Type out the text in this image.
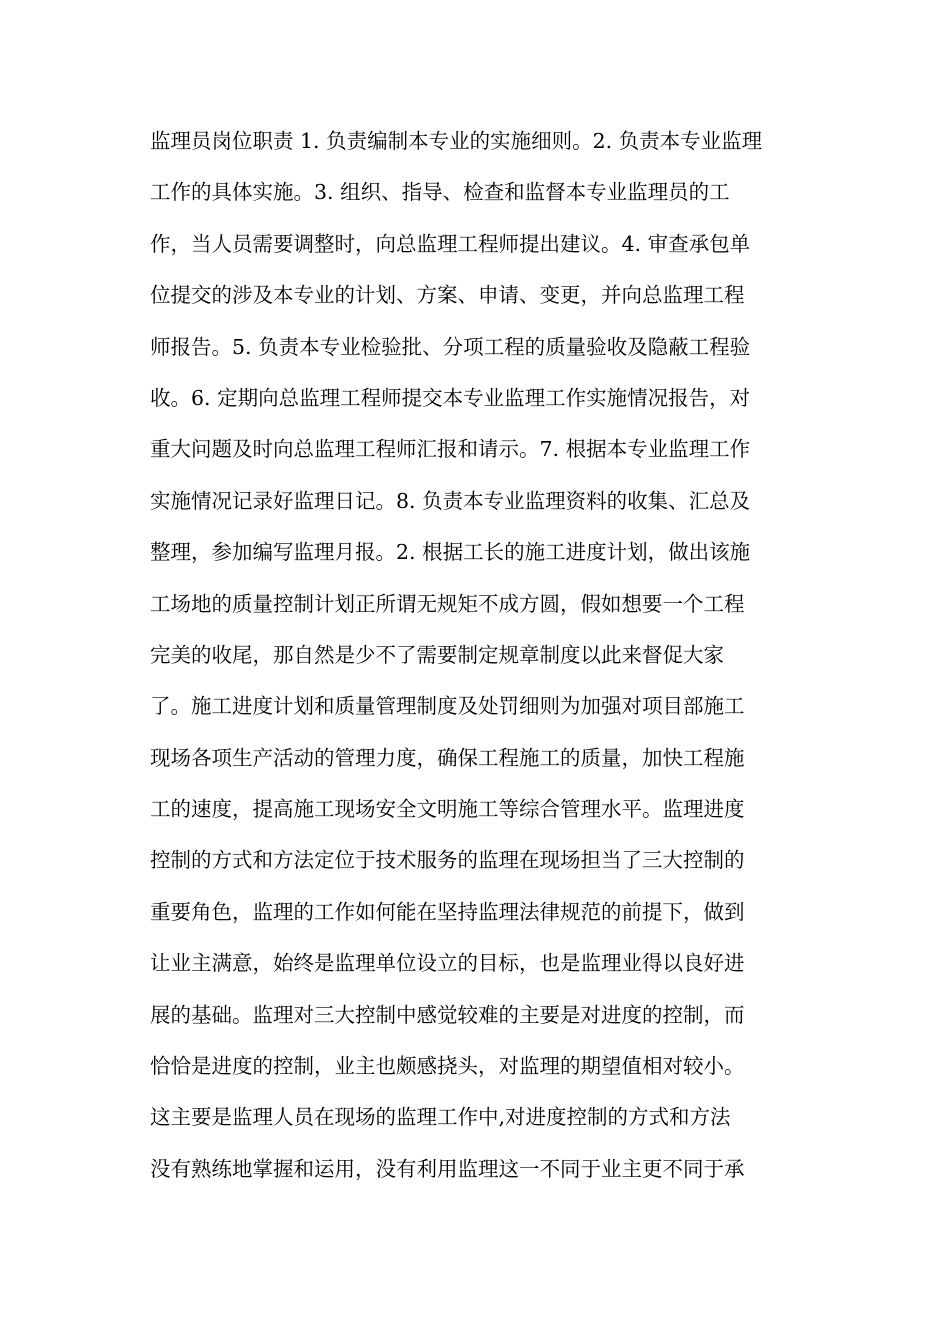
监理员岗位职责 1. 负责编制本专业的实施细则。2. 负责本专业监理
工作的具体实施。3. 组织、指导、检查和监督本专业监理员的工
作，当人员需要调整时，向总监理工程师提出建议。4. 审查承包单
位提交的涉及本专业的计划、方案、申请、变更，并向总监理工程
师报告。5. 负责本专业检验批、分项工程的质量验收及隐蔽工程验
收。6. 定期向总监理工程师提交本专业监理工作实施情况报告，对
重大问题及时向总监理工程师汇报和请示。7. 根据本专业监理工作
实施情况记录好监理日记。8. 负责本专业监理资料的收集、汇总及
整理，参加编写监理月报。2. 根据工长的施工进度计划，做出该施
工场地的质量控制计划正所谓无规矩不成方圆，假如想要一个工程
完美的收尾，那自然是少不了需要制定规章制度以此来督促大家
了。施工进度计划和质量管理制度及处罚细则为加强对项目部施工
现场各项生产活动的管理力度，确保工程施工的质量，加快工程施
工的速度，提高施工现场安全文明施工等综合管理水平。监理进度
控制的方式和方法定位于技术服务的监理在现场担当了三大控制的
重要角色，监理的工作如何能在坚持监理法律规范的前提下，做到
让业主满意，始终是监理单位设立的目标，也是监理业得以良好进
展的基础。监理对三大控制中感觉较难的主要是对进度的控制，而
恰恰是进度的控制，业主也颇感挠头，对监理的期望值相对较小。
这主要是监理人员在现场的监理工作中,对进度控制的方式和方法
没有熟练地掌握和运用，没有利用监理这一不同于业主更不同于承
